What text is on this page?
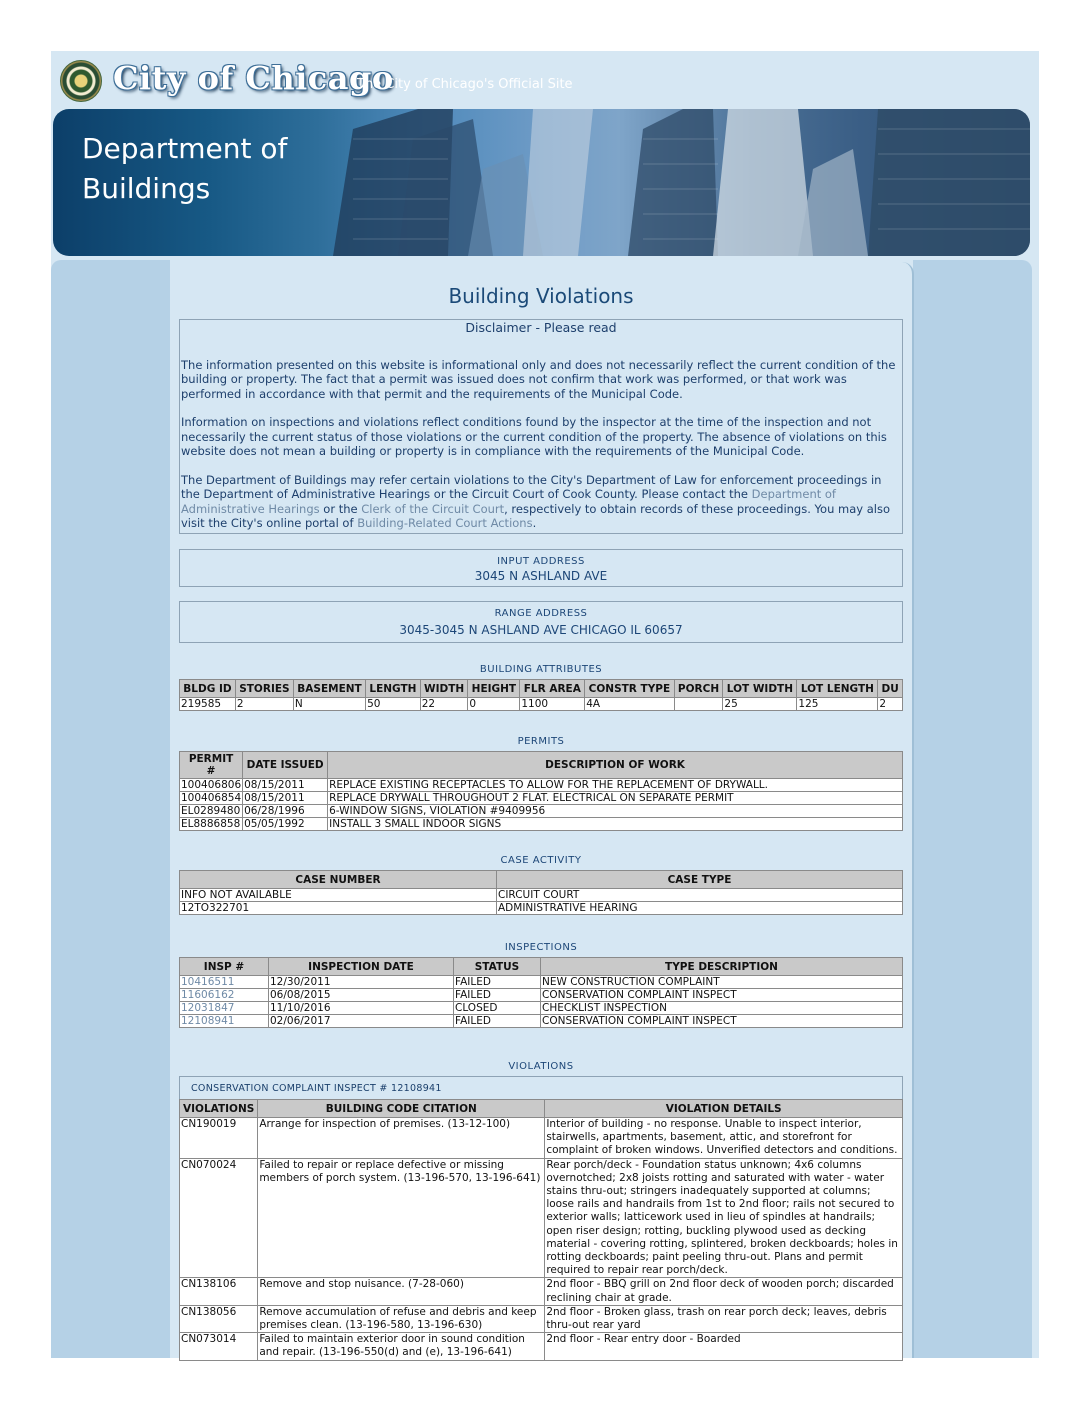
City of Chicago
The City of Chicago's Official Site
Department of Buildings
Building Violations
Disclaimer - Please read

The information presented on this website is informational only and does not necessarily reflect the current condition of the building or property. The fact that a permit was issued does not confirm that work was performed, or that work was performed in accordance with that permit and the requirements of the Municipal Code.

Information on inspections and violations reflect conditions found by the inspector at the time of the inspection and not necessarily the current status of those violations or the current condition of the property. The absence of violations on this website does not mean a building or property is in compliance with the requirements of the Municipal Code.

The Department of Buildings may refer certain violations to the City's Department of Law for enforcement proceedings in the Department of Administrative Hearings or the Circuit Court of Cook County. Please contact the Department of Administrative Hearings or the Clerk of the Circuit Court, respectively to obtain records of these proceedings. You may also visit the City's online portal of Building-Related Court Actions.

INPUT ADDRESS
3045 N ASHLAND AVE
RANGE ADDRESS
3045-3045 N ASHLAND AVE CHICAGO IL 60657
BUILDING ATTRIBUTES
BLDG ID	STORIES	BASEMENT	LENGTH	WIDTH	HEIGHT	FLR AREA	CONSTR TYPE	PORCH	LOT WIDTH	LOT LENGTH	DU
219585	2	N	50	22	0	1100	4A		25	125	2
PERMITS
PERMIT #	DATE ISSUED	DESCRIPTION OF WORK
100406806	08/15/2011	REPLACE EXISTING RECEPTACLES TO ALLOW FOR THE REPLACEMENT OF DRYWALL.
100406854	08/15/2011	REPLACE DRYWALL THROUGHOUT 2 FLAT. ELECTRICAL ON SEPARATE PERMIT
EL0289480	06/28/1996	6-WINDOW SIGNS, VIOLATION #9409956
EL8886858	05/05/1992	INSTALL 3 SMALL INDOOR SIGNS
CASE ACTIVITY
CASE NUMBER	CASE TYPE
INFO NOT AVAILABLE	CIRCUIT COURT
12TO322701	ADMINISTRATIVE HEARING
INSPECTIONS
INSP #	INSPECTION DATE	STATUS	TYPE DESCRIPTION
10416511	12/30/2011	FAILED	NEW CONSTRUCTION COMPLAINT
11606162	06/08/2015	FAILED	CONSERVATION COMPLAINT INSPECT
12031847	11/10/2016	CLOSED	CHECKLIST INSPECTION
12108941	02/06/2017	FAILED	CONSERVATION COMPLAINT INSPECT
VIOLATIONS
CONSERVATION COMPLAINT INSPECT # 12108941
VIOLATIONS	BUILDING CODE CITATION	VIOLATION DETAILS
CN190019	Arrange for inspection of premises. (13-12-100)	Interior of building - no response. Unable to inspect interior, stairwells, apartments, basement, attic, and storefront for complaint of broken windows. Unverified detectors and conditions.
CN070024	Failed to repair or replace defective or missing members of porch system. (13-196-570, 13-196-641)	Rear porch/deck - Foundation status unknown; 4x6 columns overnotched; 2x8 joists rotting and saturated with water - water stains thru-out; stringers inadequately supported at columns; loose rails and handrails from 1st to 2nd floor; rails not secured to exterior walls; latticework used in lieu of spindles at handrails; open riser design; rotting, buckling plywood used as decking material - covering rotting, splintered, broken deckboards; holes in rotting deckboards; paint peeling thru-out. Plans and permit required to repair rear porch/deck.
CN138106	Remove and stop nuisance. (7-28-060)	2nd floor - BBQ grill on 2nd floor deck of wooden porch; discarded reclining chair at grade.
CN138056	Remove accumulation of refuse and debris and keep premises clean. (13-196-580, 13-196-630)	2nd floor - Broken glass, trash on rear porch deck; leaves, debris thru-out rear yard
CN073014	Failed to maintain exterior door in sound condition and repair. (13-196-550(d) and (e), 13-196-641)	2nd floor - Rear entry door - Boarded
